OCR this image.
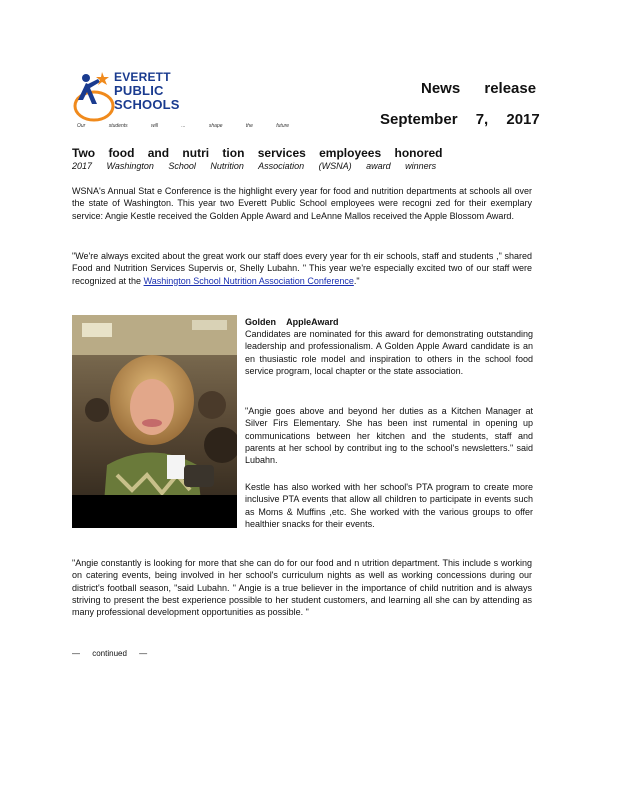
EVERETT
PUBLIC
SCHOOLS
Our students will ... shape the future
News release
September 7, 2017
Two food and nutri tion services employees honored
2017 Washington School Nutrition Association (WSNA) award winners
WSNA's Annual Stat e Conference is the highlight every year for food and nutrition departments at schools all over the state of Washington. This year two Everett Public School employees were recogni zed for their exemplary service: Angie Kestle received the Golden Apple Award and LeAnne Mallos received the Apple Blossom Award.
"We're always excited about the great work our staff does every year for th eir schools, staff and students ," shared Food and Nutrition Services Supervis or, Shelly Lubahn. " This year we're especially excited two of our staff were recognized at the Washington School Nutrition Association Conference."
Golden AppleAward
Candidates are nominated for this award for demonstrating outstanding leadership and professionalism. A Golden Apple Award candidate is an en thusiastic role model and inspiration to others in the school food service program, local chapter or the state association.
"Angie goes above and beyond her duties as a Kitchen Manager at Silver Firs Elementary. She has been inst rumental in opening up communications between her kitchen and the students, staff and parents at her school by contribut ing to the school's newsletters." said Lubahn.
Kestle has also worked with her school's PTA program to create more inclusive PTA events that allow all children to participate in events such as Moms & Muffins ,etc. She worked with the various groups to offer healthier snacks for their events.
"Angie constantly is looking for more that she can do for our food and n utrition department. This include s working on catering events, being involved in her school's curriculum nights as well as working concessions during our district's football season, "said Lubahn. " Angie is a true believer in the importance of child nutrition and is always striving to present the best experience possible to her student customers, and learning all she can by attending as many professional development opportunities as possible. "
— continued —
